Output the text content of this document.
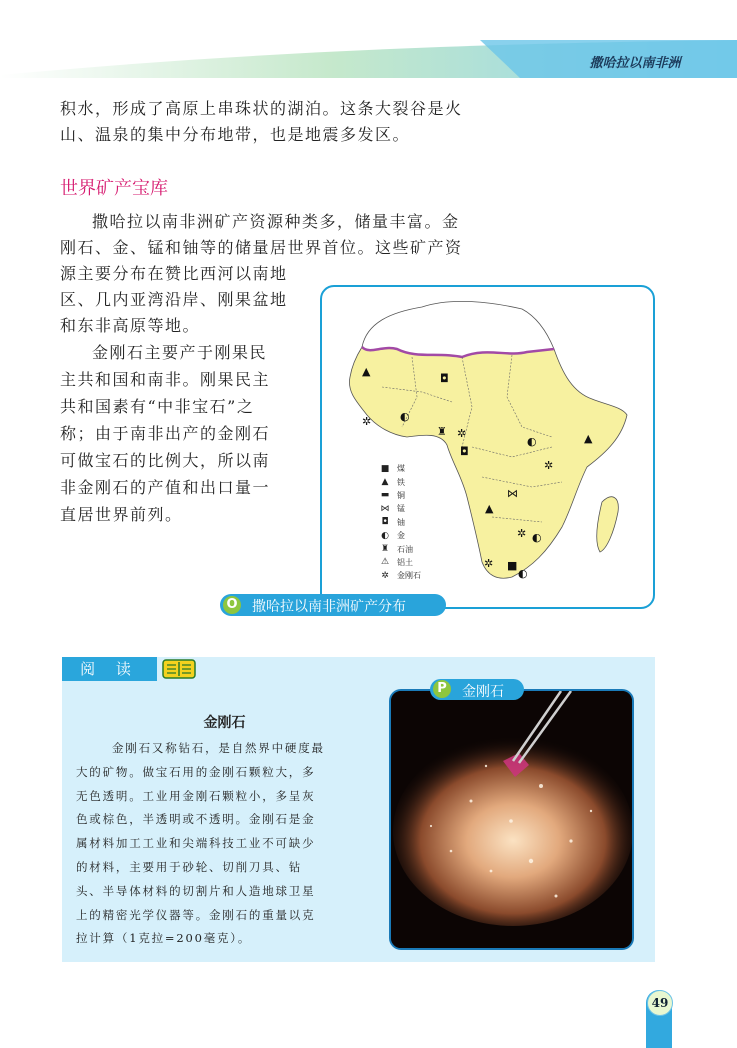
撒哈拉以南非洲

积水，形成了高原上串珠状的湖泊。这条大裂谷是火

山、温泉的集中分布地带，也是地震多发区。

世界矿产宝库

撒哈拉以南非洲矿产资源种类多，储量丰富。金

刚石、金、锰和铀等的储量居世界首位。这些矿产资

源主要分布在赞比西河以南地

区、几内亚湾沿岸、刚果盆地

和东非高原等地。

金刚石主要产于刚果民

主共和国和南非。刚果民主

共和国素有“中非宝石”之

称；由于南非出产的金刚石

可做宝石的比例大，所以南

非金刚石的产值和出口量一

直居世界前列。

▲
◘
◐
✲
♜ ✲
◘
◐	▲
✲
⋈
▲
✲ ◐
✲ ■
◐
■ 煤
▲	铁
▬ 铜
⋈ 锰
◘	铀
◐ 金
♜ 石油
⚠ 铝土
✲ 金刚石
O 撒哈拉以南非洲矿产分布
阅 读
金刚石
金刚石又称钻石，是自然界中硬度最
大的矿物。做宝石用的金刚石颗粒大，多
无色透明。工业用金刚石颗粒小，多呈灰
色或棕色，半透明或不透明。金刚石是金
属材料加工工业和尖端科技工业不可缺少
的材料，主要用于砂轮、切削刀具、钻
头、半导体材料的切割片和人造地球卫星
上的精密光学仪器等。金刚石的重量以克
拉计算（1克拉=200毫克）。
P	金刚石
49
